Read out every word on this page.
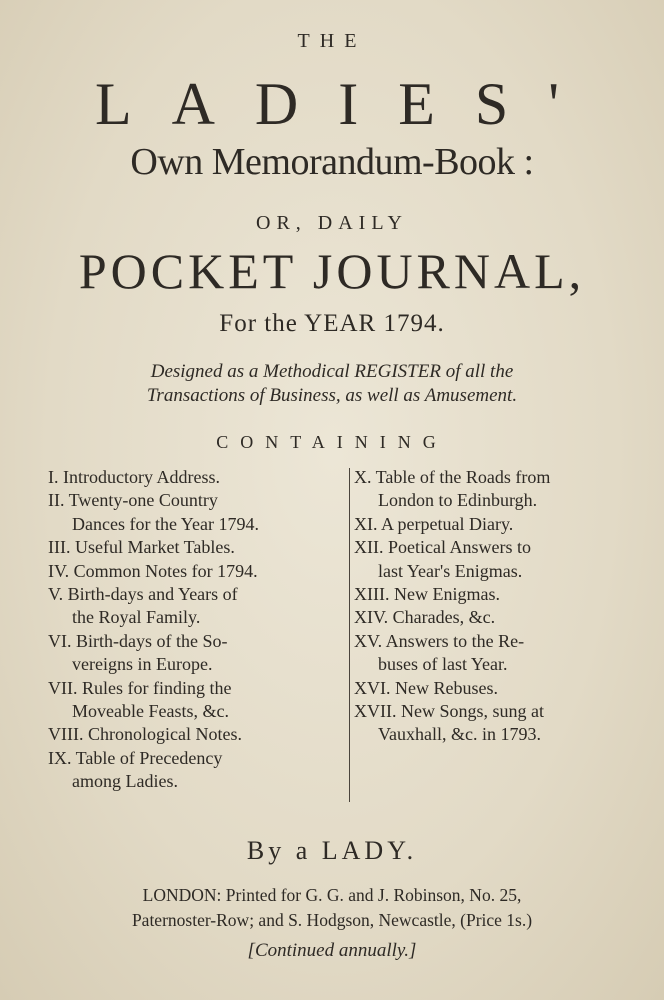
THE
LADIES'
Own Memorandum-Book :
OR, DAILY
POCKET JOURNAL,
For the YEAR 1794.
Designed as a Methodical REGISTER of all the
Transactions of Business, as well as Amusement.
CONTAINING
I. Introductory Address.
II. Twenty-one Country
Dances for the Year 1794.
III. Useful Market Tables.
IV. Common Notes for 1794.
V. Birth-days and Years of
the Royal Family.
VI. Birth-days of the So-
vereigns in Europe.
VII. Rules for finding the
Moveable Feasts, &c.
VIII. Chronological Notes.
IX. Table of Precedency
among Ladies.
X. Table of the Roads from
London to Edinburgh.
XI. A perpetual Diary.
XII. Poetical Answers to
last Year's Enigmas.
XIII. New Enigmas.
XIV. Charades, &c.
XV. Answers to the Re-
buses of last Year.
XVI. New Rebuses.
XVII. New Songs, sung at
Vauxhall, &c. in 1793.
By a LADY.
LONDON: Printed for G. G. and J. Robinson, No. 25,
Paternoster-Row; and S. Hodgson, Newcastle, (Price 1s.)
[Continued annually.]
